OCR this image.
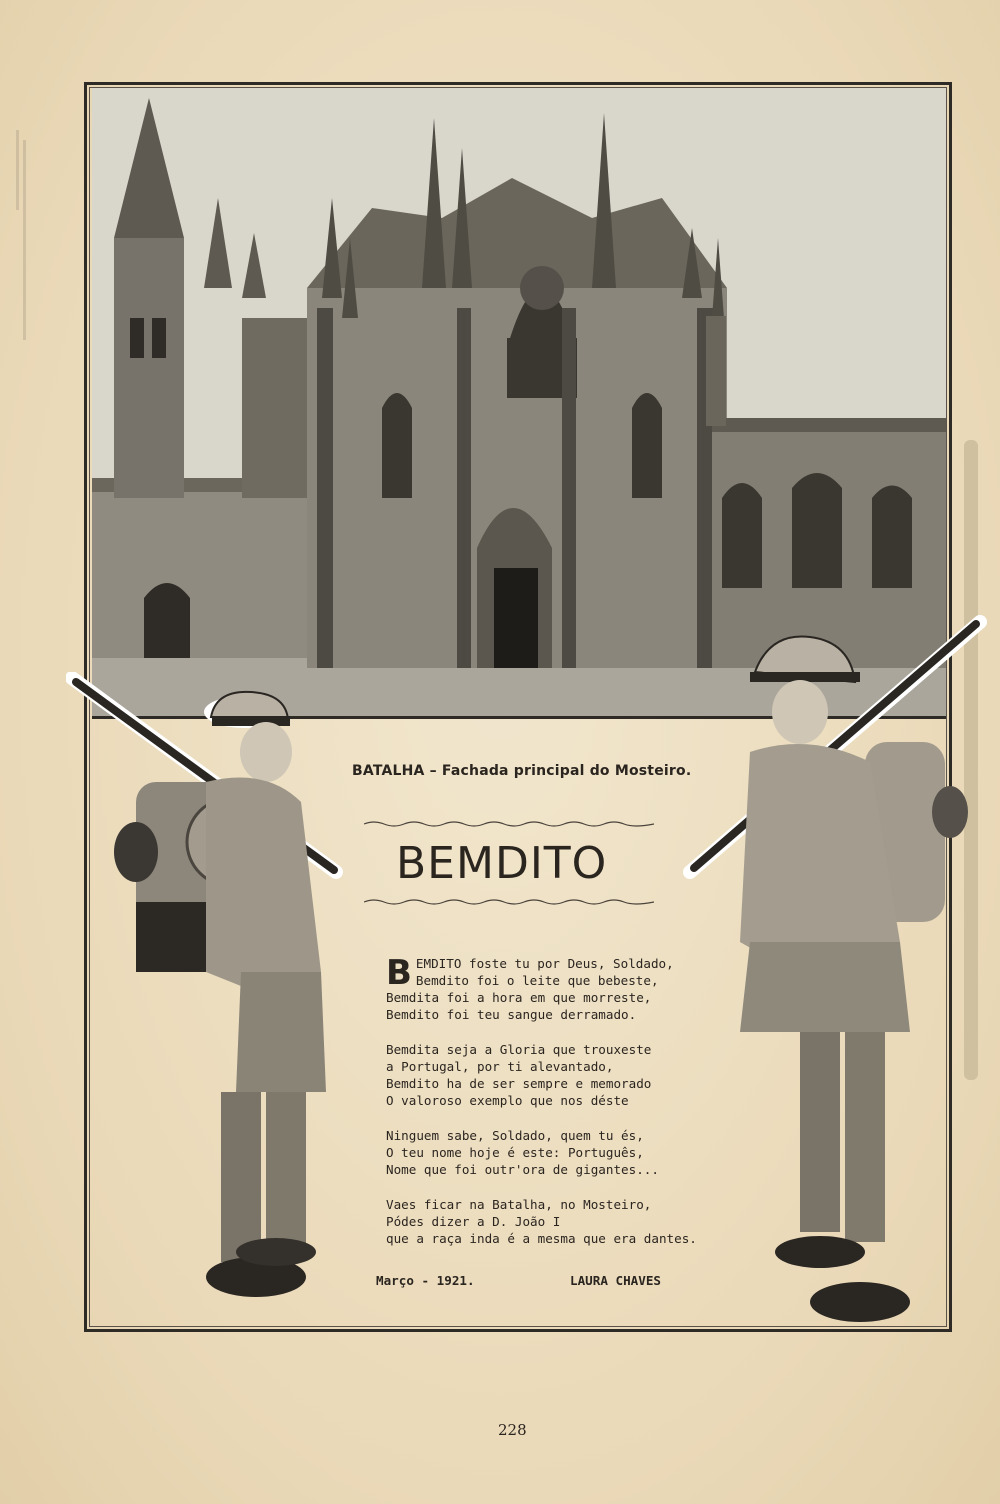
BATALHA – Fachada principal do Mosteiro.
BEMDITO
B EMDITO foste tu por Deus, Soldado,
Bemdito foi o leite que bebeste,
Bemdita foi a hora em que morreste,
Bemdito foi teu sangue derramado.
Bemdita seja a Gloria que trouxeste
a Portugal, por ti alevantado,
Bemdito ha de ser sempre e memorado
O valoroso exemplo que nos déste
Ninguem sabe, Soldado, quem tu és,
O teu nome hoje é este: Português,
Nome que foi outr'ora de gigantes...
Vaes ficar na Batalha, no Mosteiro,
Pódes dizer a D. João I
que a raça inda é a mesma que era dantes.
Março - 1921.	LAURA CHAVES
228
